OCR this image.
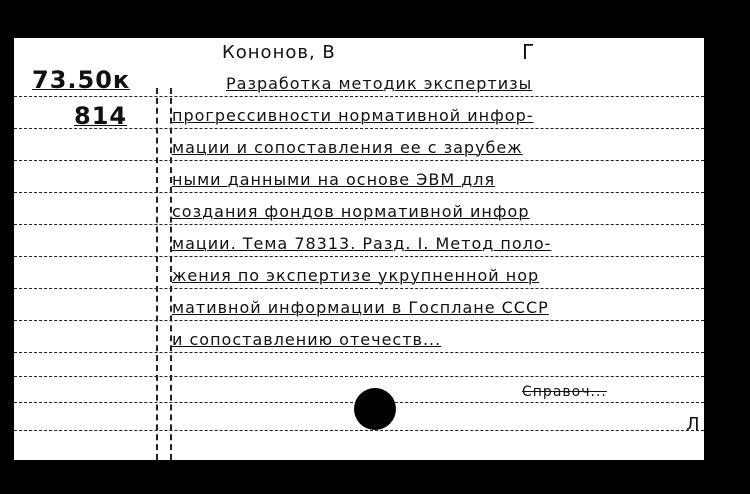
73.50к
814
Кононов, В	Г
Разработка методик экспертизы
прогрессивности нормативной инфор-
мации и сопоставления ее с зарубеж
ными данными на основе ЭВМ для
создания фондов нормативной инфор
мации. Тема 78313. Разд. I. Метод поло-
жения по экспертизе укрупненной нор
мативной информации в Госплане СССР
и сопоставлению отечеств...
Справоч...
Л
